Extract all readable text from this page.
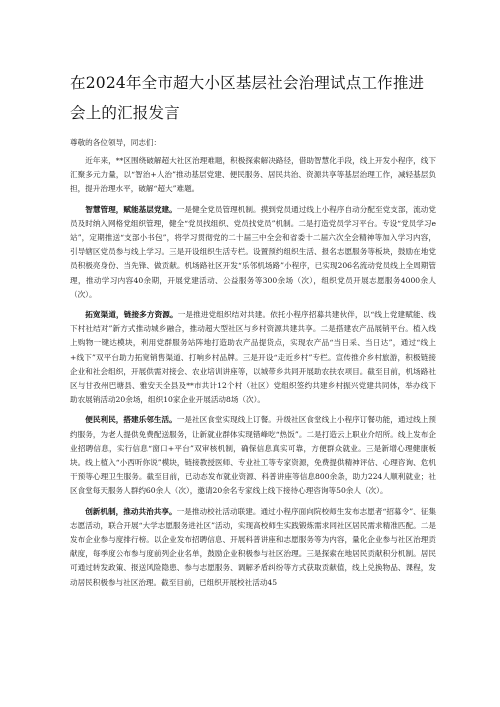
在2024年全市超大小区基层社会治理试点工作推进会上的汇报发言

尊敬的各位领导，同志们：

近年来，**区围绕破解超大社区治理难题，积极探索解决路径，借助智慧化手段，线上开发小程序，线下汇聚多元力量，以“智治+人治”推动基层党建、便民服务、居民共治、资源共享等基层治理工作，减轻基层负担，提升治理水平，破解“超大”难题。

智慧管理，赋能基层党建。一是健全党员管理机制。摸到党员通过线上小程序自动分配至党支部，流动党员及时纳入网格党组织管理，健全“党员找组织、党员找党员”机制。二是打造党员学习平台。专设“党员学习e站”，定期推送“支部小书包”，将学习贯彻党的二十届三中全会和省委十二届六次全会精神等加入学习内容，引导辖区党员参与线上学习。三是开设组织生活专栏。设置预约组织生活、报名志愿服务等板块，鼓励在地党员积极亮身份、当先锋、做贡献。机场路社区开发“乐邻机场路”小程序，已实现206名流动党员线上全周期管理，推动学习内容40余期，开展党建活动、公益服务等300余场（次），组织党员开展志愿服务4000余人（次）。

拓宽渠道，链接多方资源。一是推进党组织结对共建。依托小程序招募共建伙伴，以“线上党建赋能、线下村社结对”新方式推动城乡融合，推动超大型社区与乡村资源共建共享。二是搭建农产品展销平台。植入线上购物一键达模块，利用党群服务站阵地打造助农产品提货点，实现农产品“当日采、当日达”，通过“线上+线下”双平台助力拓宽销售渠道、打响乡村品牌。三是开设“走近乡村”专栏。宣传推介乡村旅游，积极链接企业和社会组织，开展供需对接会、农业培训讲座等，以城带乡共同开展助农扶农项目。截至目前，机场路社区与甘孜州巴塘县、雅安天全县及**市共计12个村（社区）党组织签约共建乡村振兴党建共同体，举办线下助农展销活动20余场，组织10家企业开展活动8场（次）。

便民利民，搭建乐邻生活。一是社区食堂实现线上订餐。升级社区食堂线上小程序订餐功能，通过线上预约服务，为老人提供免费配送服务，让新就业群体实现错峰吃“热饭”。二是打造云上职业介绍所。线上发布企业招聘信息，实行信息“窗口+平台”双审核机制，确保信息真实可靠，方便群众就业。三是新增心理健康板块。线上植入“小西听你说”模块，链接教授医师、专业社工等专家资源，免费提供精神评估、心理咨询、危机干预等心理卫生服务。截至目前，已动态发布就业资源、科普讲座等信息800余条，助力224人顺利就业；社区食堂每天服务人群约60余人（次），邀请20余名专家线上线下接待心理咨询等50余人（次）。

创新机制，推动共治共享。一是推动校社活动联建。通过小程序面向院校师生发布志愿者“招募令”、征集志愿活动，联合开展“大学志愿服务进社区”活动，实现高校师生实践锻炼需求同社区居民需求精准匹配。二是发布企业参与度排行榜。以企业发布招聘信息、开展科普讲座和志愿服务等为内容，量化企业参与社区治理贡献度，每季度公布参与度前列企业名单，鼓励企业积极参与社区治理。三是探索在地居民贡献积分机制。居民可通过转发政策、报送风险隐患、参与志愿服务、调解矛盾纠纷等方式获取贡献值，线上兑换物品、课程，发动居民积极参与社区治理。截至目前，已组织开展校社活动45
